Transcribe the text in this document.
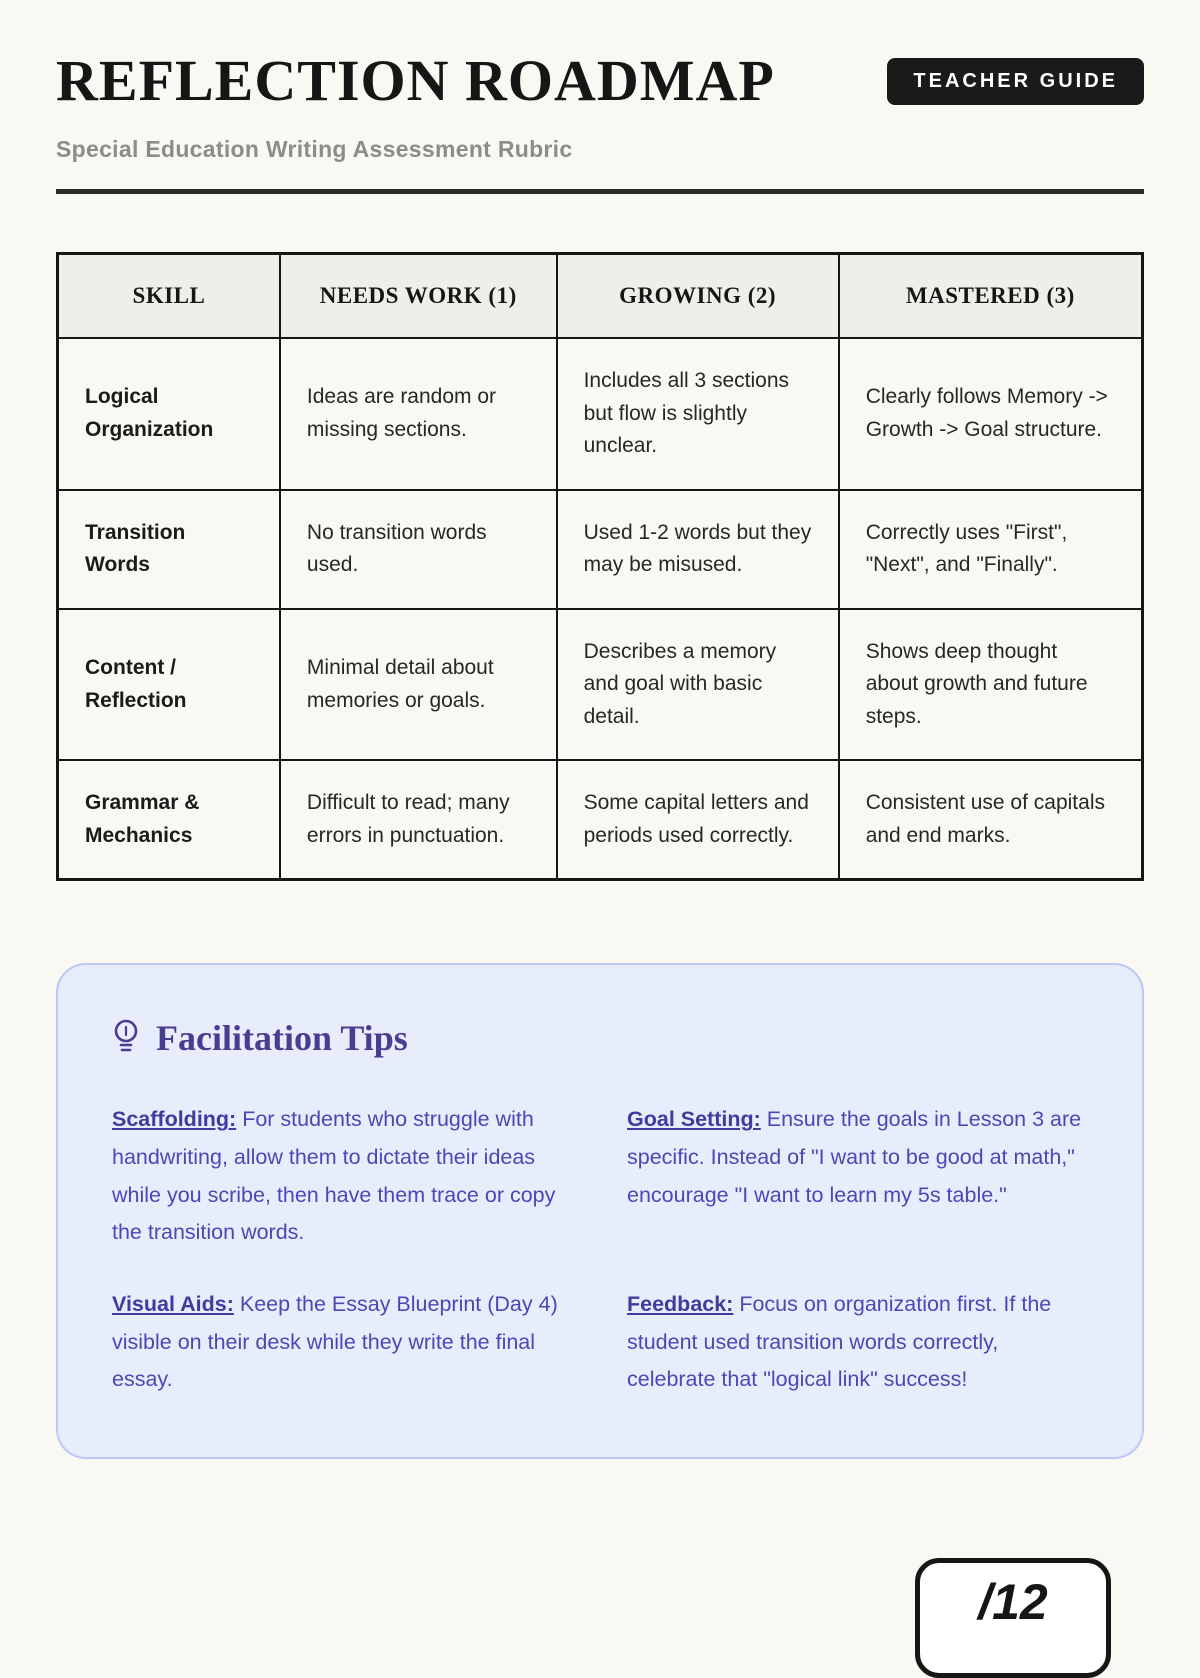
REFLECTION ROADMAP	TEACHER GUIDE
Special Education Writing Assessment Rubric
SKILL	NEEDS WORK (1)	GROWING (2)	MASTERED (3)
Logical Organization	Ideas are random or missing sections.	Includes all 3 sections but flow is slightly unclear.	Clearly follows Memory -> Growth -> Goal structure.
Transition Words	No transition words used.	Used 1-2 words but they may be misused.	Correctly uses "First", "Next", and "Finally".
Content / Reflection	Minimal detail about memories or goals.	Describes a memory and goal with basic detail.	Shows deep thought about growth and future steps.
Grammar & Mechanics	Difficult to read; many errors in punctuation.	Some capital letters and periods used correctly.	Consistent use of capitals and end marks.
Facilitation Tips

Scaffolding: For students who struggle with handwriting, allow them to dictate their ideas while you scribe, then have them trace or copy the transition words.

Goal Setting: Ensure the goals in Lesson 3 are specific. Instead of "I want to be good at math," encourage "I want to learn my 5s table."

Visual Aids: Keep the Essay Blueprint (Day 4) visible on their desk while they write the final essay.

Feedback: Focus on organization first. If the student used transition words correctly, celebrate that "logical link" success!

/12
